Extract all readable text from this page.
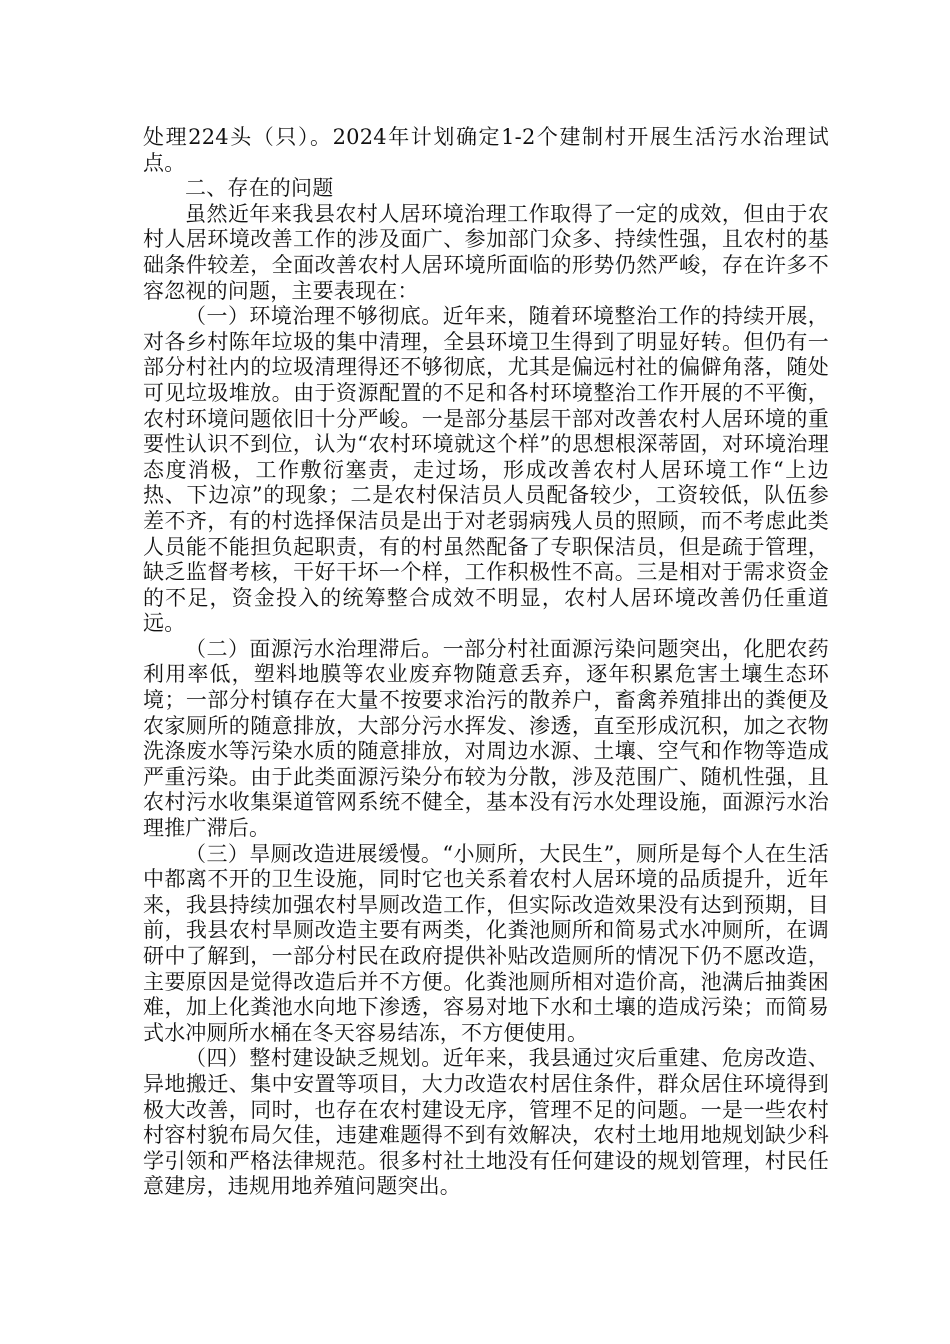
处理224头（只）。2024年计划确定1-2个建制村开展生活污水治理试点。

二、存在的问题

虽然近年来我县农村人居环境治理工作取得了一定的成效，但由于农村人居环境改善工作的涉及面广、参加部门众多、持续性强，且农村的基础条件较差，全面改善农村人居环境所面临的形势仍然严峻，存在许多不容忽视的问题，主要表现在：

（一）环境治理不够彻底。近年来，随着环境整治工作的持续开展，对各乡村陈年垃圾的集中清理，全县环境卫生得到了明显好转。但仍有一部分村社内的垃圾清理得还不够彻底，尤其是偏远村社的偏僻角落，随处可见垃圾堆放。由于资源配置的不足和各村环境整治工作开展的不平衡，农村环境问题依旧十分严峻。一是部分基层干部对改善农村人居环境的重要性认识不到位，认为“农村环境就这个样”的思想根深蒂固，对环境治理态度消极，工作敷衍塞责，走过场，形成改善农村人居环境工作“上边热、下边凉”的现象；二是农村保洁员人员配备较少，工资较低，队伍参差不齐，有的村选择保洁员是出于对老弱病残人员的照顾，而不考虑此类人员能不能担负起职责，有的村虽然配备了专职保洁员，但是疏于管理，缺乏监督考核，干好干坏一个样，工作积极性不高。三是相对于需求资金的不足，资金投入的统筹整合成效不明显，农村人居环境改善仍任重道远。

（二）面源污水治理滞后。一部分村社面源污染问题突出，化肥农药利用率低，塑料地膜等农业废弃物随意丢弃，逐年积累危害土壤生态环境；一部分村镇存在大量不按要求治污的散养户，畜禽养殖排出的粪便及农家厕所的随意排放，大部分污水挥发、渗透，直至形成沉积，加之衣物洗涤废水等污染水质的随意排放，对周边水源、土壤、空气和作物等造成严重污染。由于此类面源污染分布较为分散，涉及范围广、随机性强，且农村污水收集渠道管网系统不健全，基本没有污水处理设施，面源污水治理推广滞后。

（三）旱厕改造进展缓慢。“小厕所，大民生”，厕所是每个人在生活中都离不开的卫生设施，同时它也关系着农村人居环境的品质提升，近年来，我县持续加强农村旱厕改造工作，但实际改造效果没有达到预期，目前，我县农村旱厕改造主要有两类，化粪池厕所和简易式水冲厕所，在调研中了解到，一部分村民在政府提供补贴改造厕所的情况下仍不愿改造，主要原因是觉得改造后并不方便。化粪池厕所相对造价高，池满后抽粪困难，加上化粪池水向地下渗透，容易对地下水和土壤的造成污染；而简易式水冲厕所水桶在冬天容易结冻，不方便使用。

（四）整村建设缺乏规划。近年来，我县通过灾后重建、危房改造、异地搬迁、集中安置等项目，大力改造农村居住条件，群众居住环境得到极大改善，同时，也存在农村建设无序，管理不足的问题。一是一些农村村容村貌布局欠佳，违建难题得不到有效解决，农村土地用地规划缺少科学引领和严格法律规范。很多村社土地没有任何建设的规划管理，村民任意建房，违规用地养殖问题突出。
